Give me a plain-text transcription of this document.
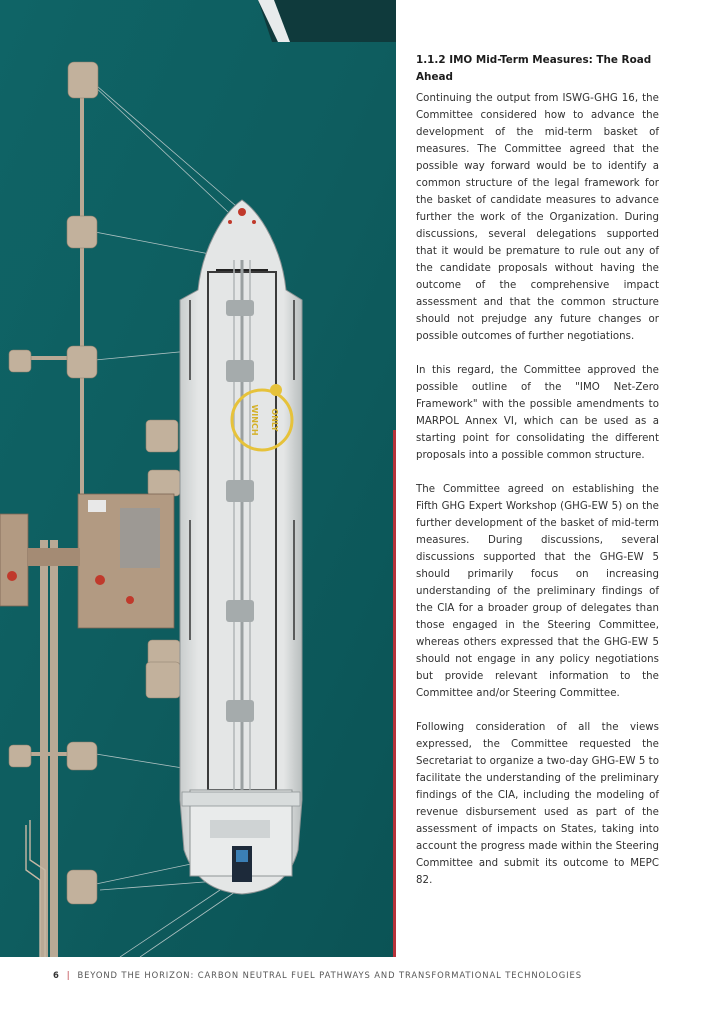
WINCH ONLY
1.1.2 IMO Mid-Term Measures: The Road Ahead

Continuing the output from ISWG-GHG 16, the Committee considered how to advance the development of the mid-term basket of measures. The Committee agreed that the possible way forward would be to identify a common structure of the legal framework for the basket of candidate measures to advance further the work of the Organization. During discussions, several delegations supported that it would be premature to rule out any of the candidate proposals without having the outcome of the comprehensive impact assessment and that the common structure should not prejudge any future changes or possible outcomes of further negotiations.

In this regard, the Committee approved the possible outline of the "IMO Net-Zero Framework" with the possible amendments to MARPOL Annex VI, which can be used as a starting point for consolidating the different proposals into a possible common structure.

The Committee agreed on establishing the Fifth GHG Expert Workshop (GHG-EW 5) on the further development of the basket of mid-term measures. During discussions, several discussions supported that the GHG-EW 5 should primarily focus on increasing understanding of the preliminary findings of the CIA for a broader group of delegates than those engaged in the Steering Committee, whereas others expressed that the GHG-EW 5 should not engage in any policy negotiations but provide relevant information to the Committee and/or Steering Committee.

Following consideration of all the views expressed, the Committee requested the Secretariat to organize a two-day GHG-EW 5 to facilitate the understanding of the preliminary findings of the CIA, including the modeling of revenue disbursement used as part of the assessment of impacts on States, taking into account the progress made within the Steering Committee and submit its outcome to MEPC 82.

6 | BEYOND THE HORIZON: CARBON NEUTRAL FUEL PATHWAYS AND TRANSFORMATIONAL TECHNOLOGIES
